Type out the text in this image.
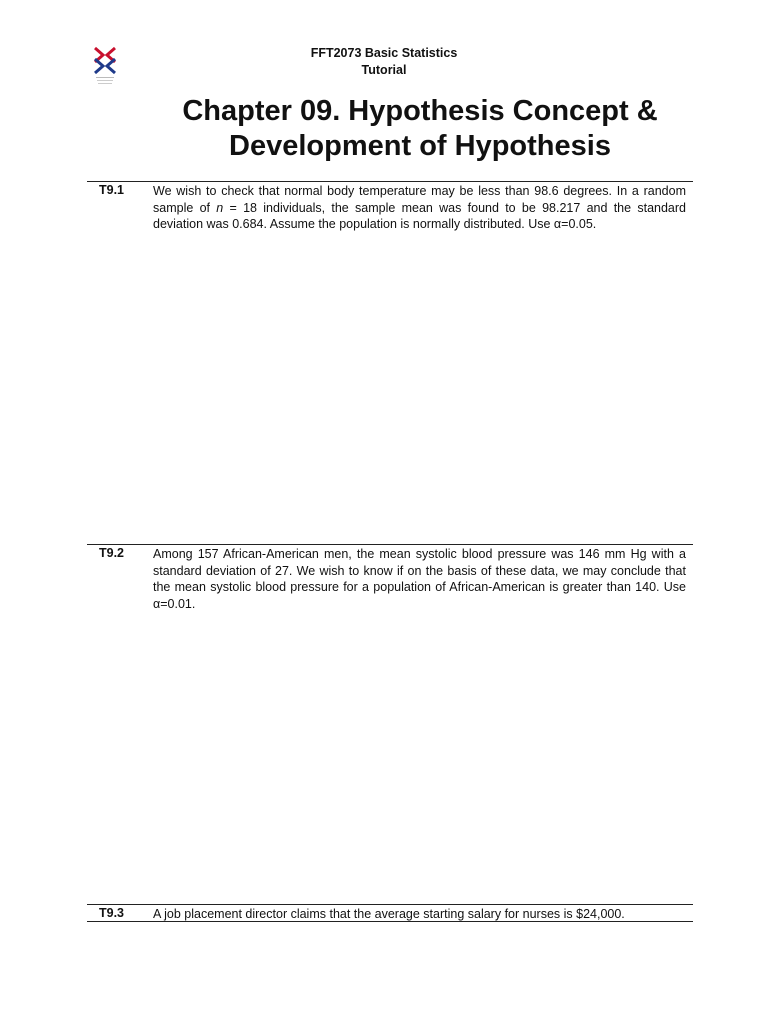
FFT2073 Basic Statistics
Tutorial
Chapter 09. Hypothesis Concept &
Development of Hypothesis
T9.1 We wish to check that normal body temperature may be less than 98.6 degrees. In a random sample of n = 18 individuals, the sample mean was found to be 98.217 and the standard deviation was 0.684. Assume the population is normally distributed. Use α=0.05.
T9.2 Among 157 African-American men, the mean systolic blood pressure was 146 mm Hg with a standard deviation of 27. We wish to know if on the basis of these data, we may conclude that the mean systolic blood pressure for a population of African-American is greater than 140. Use α=0.01.
T9.3 A job placement director claims that the average starting salary for nurses is $24,000.
